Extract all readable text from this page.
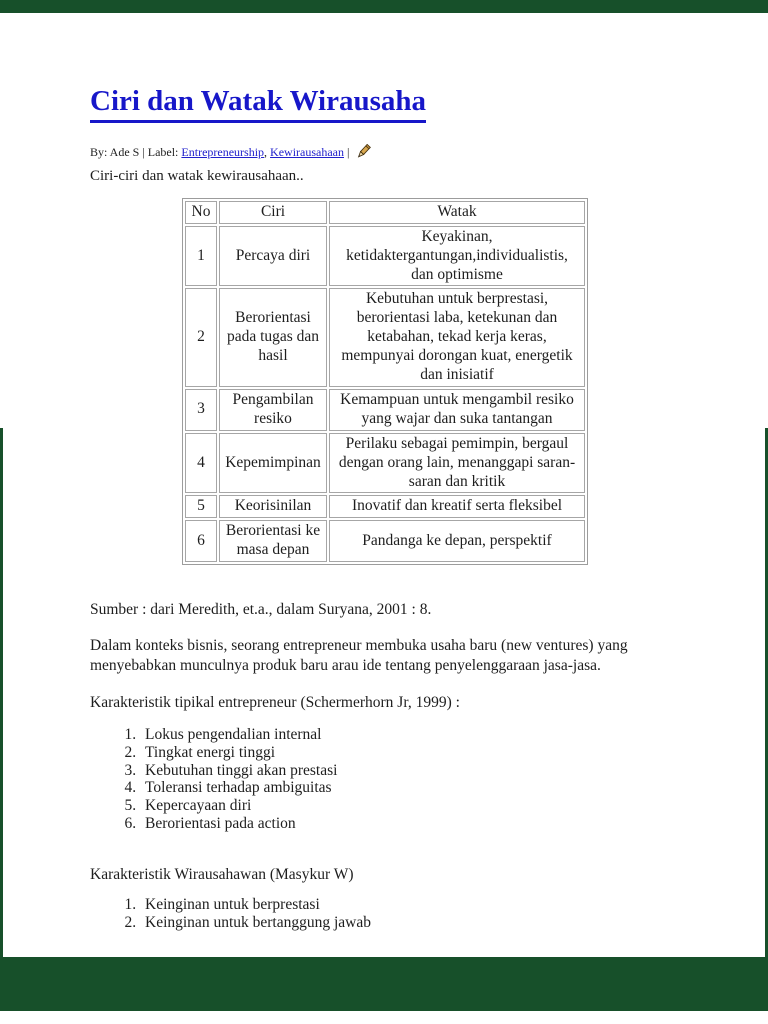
Ciri dan Watak Wirausaha
By: Ade S | Label: Entrepreneurship, Kewirausahaan |

Ciri-ciri dan watak kewirausahaan..

No	Ciri	Watak
1	Percaya diri	Keyakinan, ketidaktergantungan,individualistis, dan optimisme
2	Berorientasi pada tugas dan hasil	Kebutuhan untuk berprestasi, berorientasi laba, ketekunan dan ketabahan, tekad kerja keras, mempunyai dorongan kuat, energetik dan inisiatif
3	Pengambilan resiko	Kemampuan untuk mengambil resiko yang wajar dan suka tantangan
4	Kepemimpinan	Perilaku sebagai pemimpin, bergaul dengan orang lain, menanggapi saran-saran dan kritik
5	Keorisinilan	Inovatif dan kreatif serta fleksibel
6	Berorientasi ke masa depan	Pandanga ke depan, perspektif

Sumber : dari Meredith, et.a., dalam Suryana, 2001 : 8.

Dalam konteks bisnis, seorang entrepreneur membuka usaha baru (new ventures) yang
menyebabkan munculnya produk baru arau ide tentang penyelenggaraan jasa-jasa.

Karakteristik tipikal entrepreneur (Schermerhorn Jr, 1999) :

1. Lokus pengendalian internal
2. Tingkat energi tinggi
3. Kebutuhan tinggi akan prestasi
4. Toleransi terhadap ambiguitas
5. Kepercayaan diri
6. Berorientasi pada action

Karakteristik Wirausahawan (Masykur W)

1. Keinginan untuk berprestasi
2. Keinginan untuk bertanggung jawab
